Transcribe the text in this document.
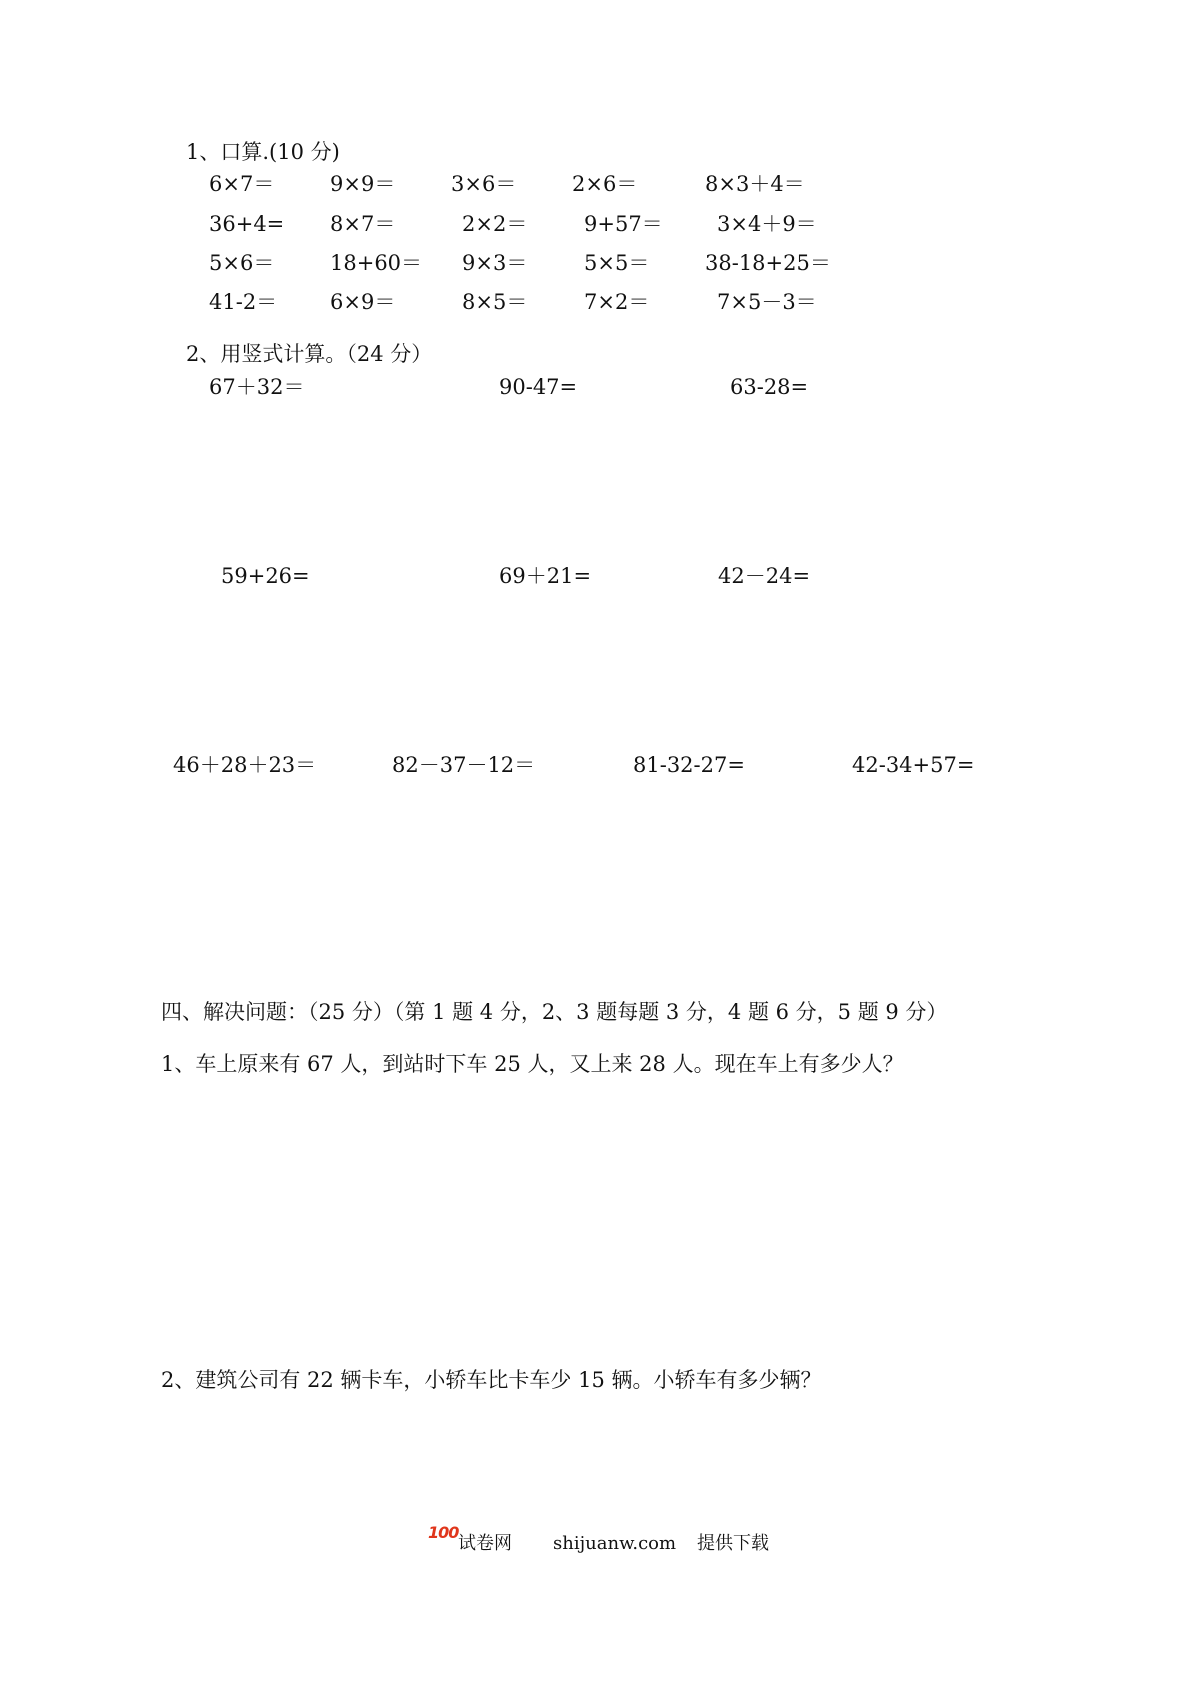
1、口算.(10 分)
6×7＝	9×9＝	3×6＝	2×6＝	8×3＋4＝
36+4= 8×7＝	2×2＝	9+57＝	3×4＋9＝
5×6＝	18+60＝ 9×3＝	5×5＝	38-18+25＝
41-2＝	6×9＝	8×5＝	7×2＝	7×5－3＝
2、用竖式计算。（24 分）
67＋32＝	90-47=	63-28=
59+26=	69＋21=	42－24=
46＋28＋23＝	82－37－12＝	81-32-27=	42-34+57=
四、解决问题：（25 分）（第 1 题 4 分，2、3 题每题 3 分，4 题 6 分，5 题 9 分）
1、车上原来有 67 人，到站时下车 25 人，又上来 28 人。现在车上有多少人？
2、建筑公司有 22 辆卡车，小轿车比卡车少 15 辆。小轿车有多少辆？
100
试卷网 shijuanw.com 提供下载
